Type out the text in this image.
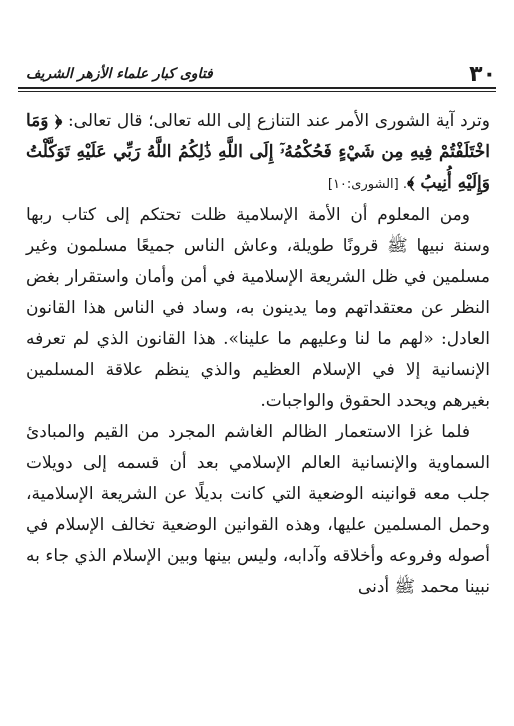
٣٠
فتاوى كبار علماء الأزهر الشريف

وترد آية الشورى الأمر عند التنازع إلى الله تعالى؛ قال تعالى: ﴿ وَمَا اخْتَلَفْتُمْ فِيهِ مِن شَيْءٍ فَحُكْمُهُۥٓ إِلَى اللَّهِ ذَٰلِكُمُ اللَّهُ رَبِّي عَلَيْهِ تَوَكَّلْتُ وَإِلَيْهِ أُنِيبُ ﴾. [الشورى:١٠]

ومن المعلوم أن الأمة الإسلامية ظلت تحتكم إلى كتاب ربها وسنة نبيها ﷺ قرونًا طويلة، وعاش الناس جميعًا مسلمون وغير مسلمين في ظل الشريعة الإسلامية في أمن وأمان واستقرار بغض النظر عن معتقداتهم وما يدينون به، وساد في الناس هذا القانون العادل: «لهم ما لنا وعليهم ما علينا». هذا القانون الذي لم تعرفه الإنسانية إلا في الإسلام العظيم والذي ينظم علاقة المسلمين بغيرهم ويحدد الحقوق والواجبات.

فلما غزا الاستعمار الظالم الغاشم المجرد من القيم والمبادئ السماوية والإنسانية العالم الإسلامي بعد أن قسمه إلى دويلات جلب معه قوانينه الوضعية التي كانت بديلًا عن الشريعة الإسلامية، وحمل المسلمين عليها، وهذه القوانين الوضعية تخالف الإسلام في أصوله وفروعه وأخلاقه وآدابه، وليس بينها وبين الإسلام الذي جاء به نبينا محمد ﷺ أدنى
